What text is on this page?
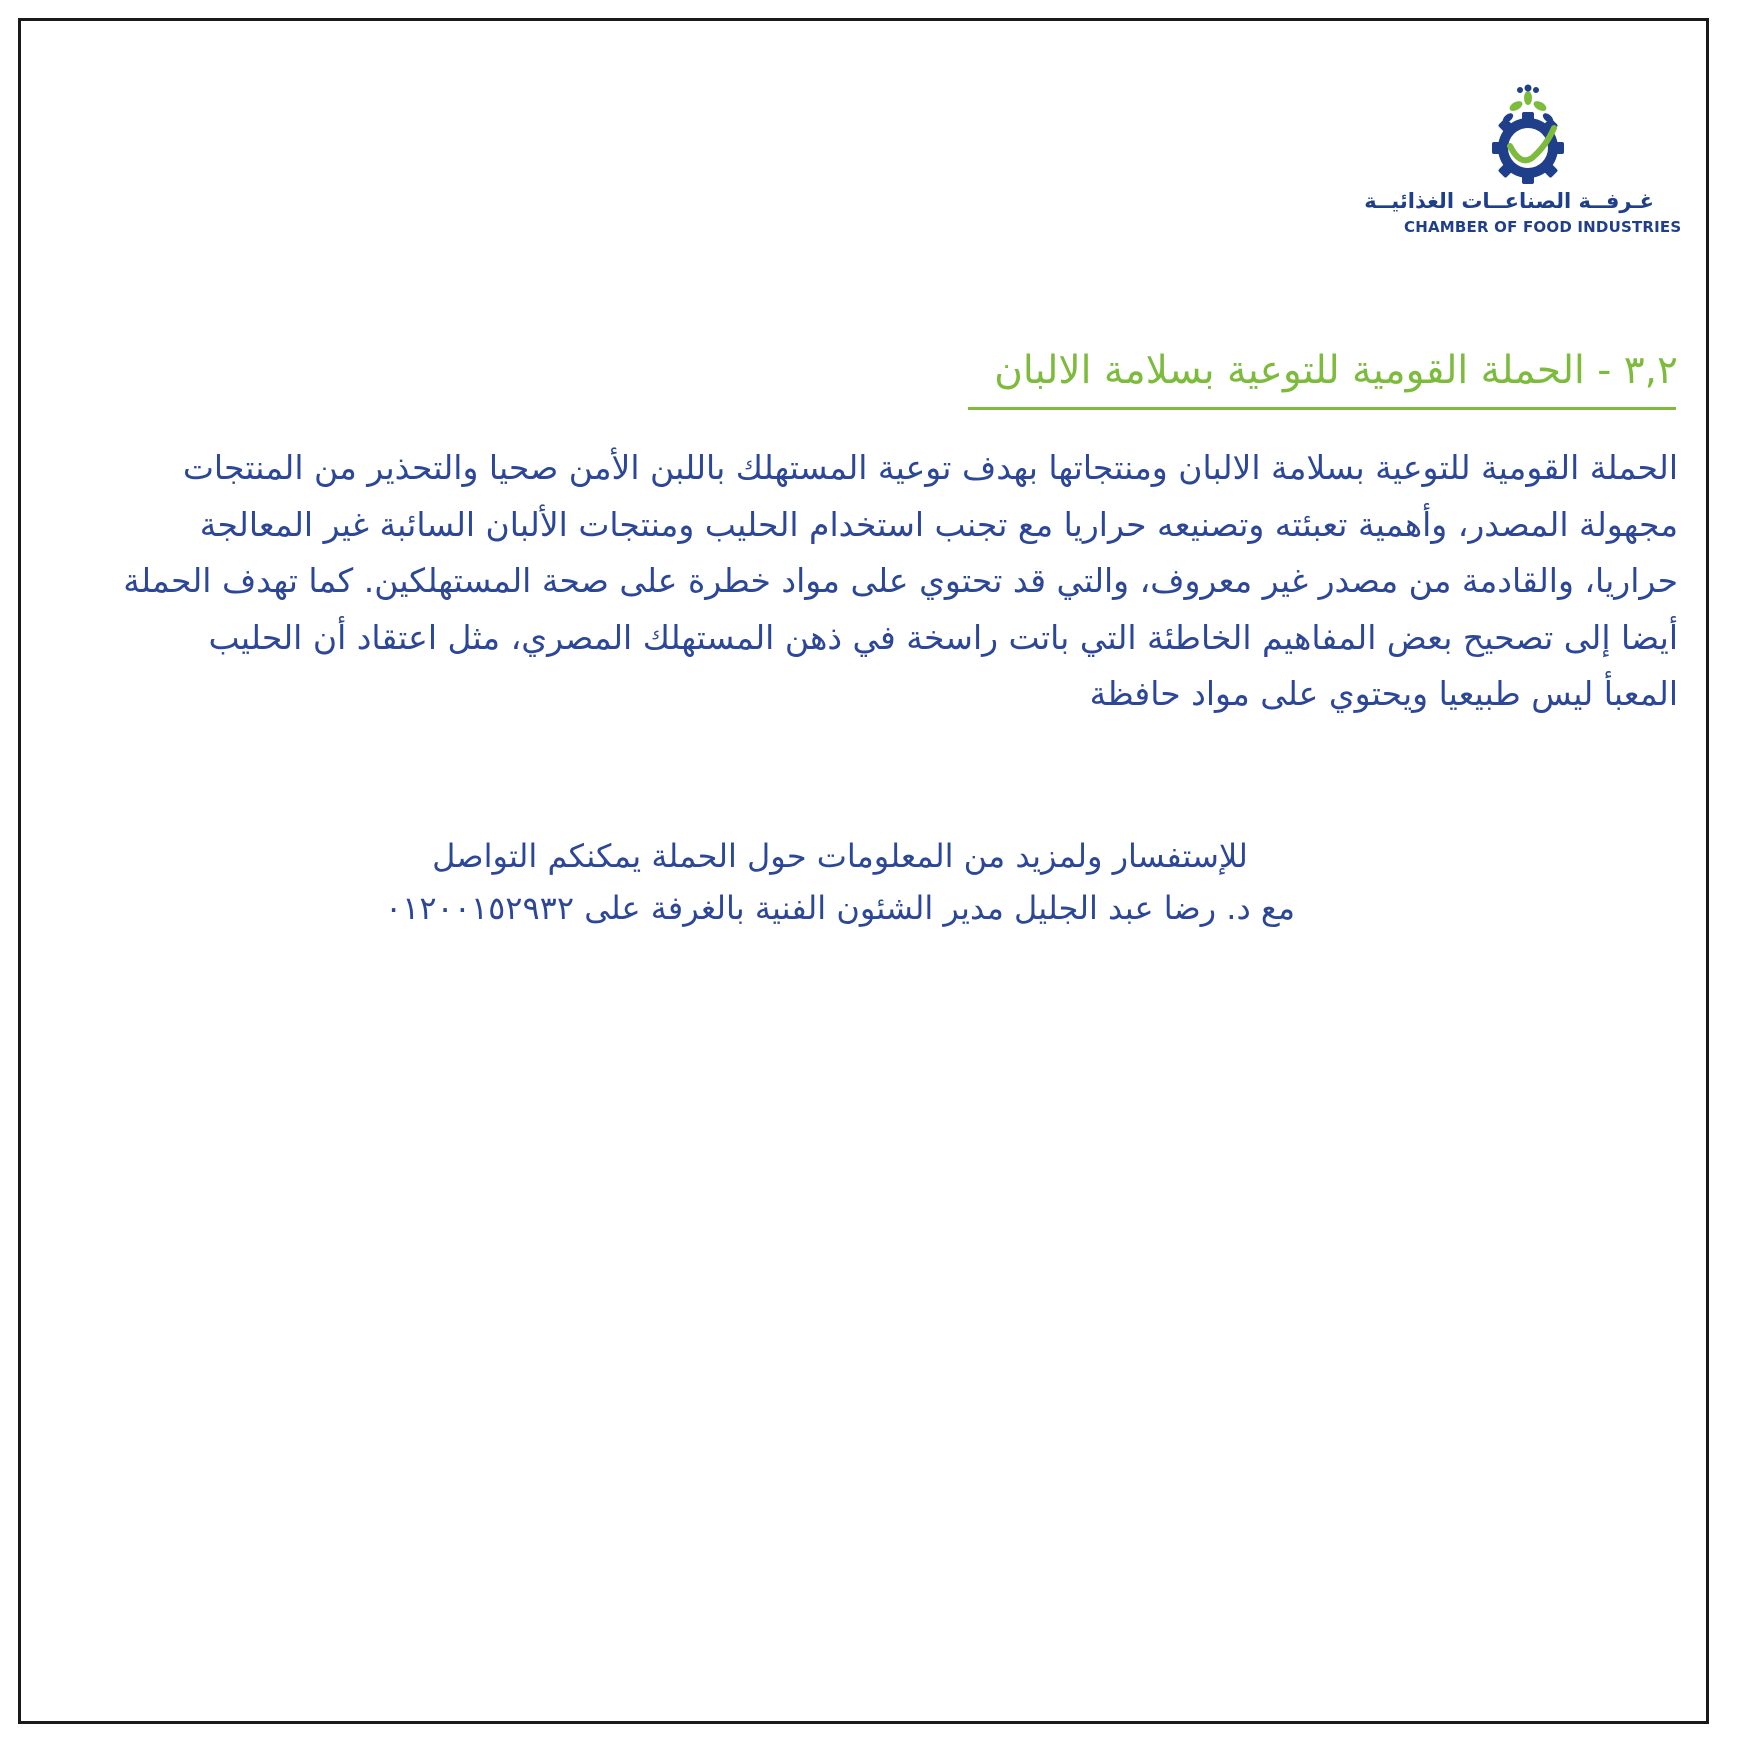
غـرفــة الصناعــات الغذائيــة
CHAMBER OF FOOD INDUSTRIES
٣,٢ - الحملة القومية للتوعية بسلامة الالبان
الحملة القومية للتوعية بسلامة الالبان ومنتجاتها بهدف توعية المستهلك باللبن الأمن صحيا والتحذير من المنتجات
مجهولة المصدر، وأهمية تعبئته وتصنيعه حراريا مع تجنب استخدام الحليب ومنتجات الألبان السائبة غير المعالجة
حراريا، والقادمة من مصدر غير معروف، والتي قد تحتوي على مواد خطرة على صحة المستهلكين. كما تهدف الحملة
أيضا إلى تصحيح بعض المفاهيم الخاطئة التي باتت راسخة في ذهن المستهلك المصري، مثل اعتقاد أن الحليب
المعبأ ليس طبيعيا ويحتوي على مواد حافظة
للإستفسار ولمزيد من المعلومات حول الحملة يمكنكم التواصل
مع د. رضا عبد الجليل مدير الشئون الفنية بالغرفة على ٠١٢٠٠١٥٢٩٣٢
